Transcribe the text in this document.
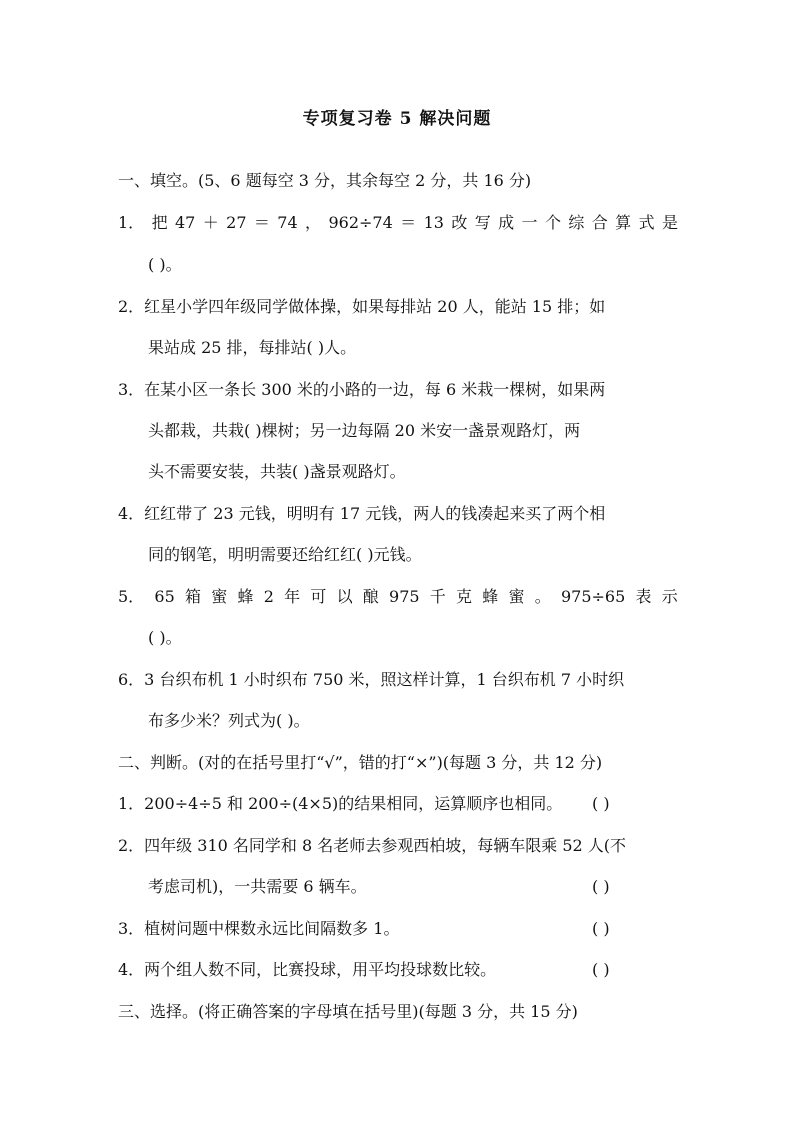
专项复习卷 5 解决问题
一、填空。(5、6 题每空 3 分，其余每空 2 分，共 16 分)
1． 把 47 ＋ 27 ＝ 74 ， 962÷74 ＝ 13 改 写 成 一 个 综 合 算 式 是
( )。
2．红星小学四年级同学做体操，如果每排站 20 人，能站 15 排；如
果站成 25 排，每排站( )人。
3．在某小区一条长 300 米的小路的一边，每 6 米栽一棵树，如果两
头都栽，共栽( )棵树；另一边每隔 20 米安一盏景观路灯，两
头不需要安装，共装( )盏景观路灯。
4．红红带了 23 元钱，明明有 17 元钱，两人的钱凑起来买了两个相
同的钢笔，明明需要还给红红( )元钱。
5． 65 箱 蜜 蜂 2 年 可 以 酿 975 千 克 蜂 蜜 。 975÷65 表 示
( )。
6．3 台织布机 1 小时织布 750 米，照这样计算，1 台织布机 7 小时织
布多少米？列式为( )。
二、判断。(对的在括号里打“√”，错的打“×”)(每题 3 分，共 12 分)
1．200÷4÷5 和 200÷(4×5)的结果相同，运算顺序也相同。	( )
2．四年级 310 名同学和 8 名老师去参观西柏坡，每辆车限乘 52 人(不
考虑司机)，一共需要 6 辆车。	( )
3．植树问题中棵数永远比间隔数多 1。	( )
4．两个组人数不同，比赛投球，用平均投球数比较。	( )
三、选择。(将正确答案的字母填在括号里)(每题 3 分，共 15 分)
